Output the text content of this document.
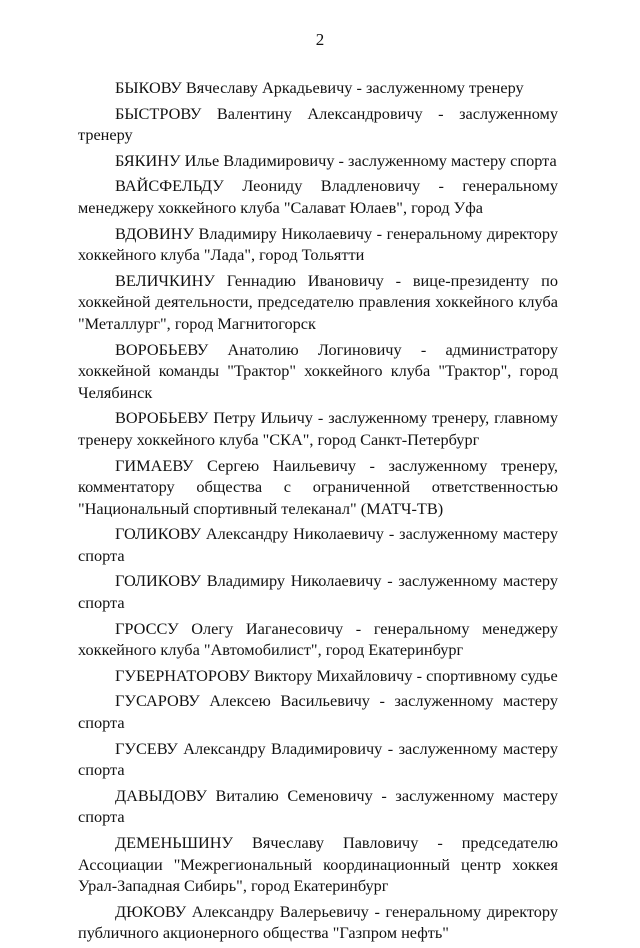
2
БЫКОВУ Вячеславу Аркадьевичу - заслуженному тренеру
БЫСТРОВУ Валентину Александровичу - заслуженному
тренеру
БЯКИНУ Илье Владимировичу - заслуженному мастеру спорта
ВАЙСФЕЛЬДУ Леониду Владленовичу - генеральному
менеджеру хоккейного клуба "Салават Юлаев", город Уфа
ВДОВИНУ Владимиру Николаевичу - генеральному директору
хоккейного клуба "Лада", город Тольятти
ВЕЛИЧКИНУ Геннадию Ивановичу - вице-президенту по
хоккейной деятельности, председателю правления хоккейного клуба
"Металлург", город Магнитогорск
ВОРОБЬЕВУ Анатолию Логиновичу - администратору
хоккейной команды "Трактор" хоккейного клуба "Трактор", город
Челябинск
ВОРОБЬЕВУ Петру Ильичу - заслуженному тренеру, главному
тренеру хоккейного клуба "СКА", город Санкт-Петербург
ГИМАЕВУ Сергею Наильевичу - заслуженному тренеру,
комментатору общества с ограниченной ответственностью
"Национальный спортивный телеканал" (МАТЧ-ТВ)
ГОЛИКОВУ Александру Николаевичу - заслуженному мастеру
спорта
ГОЛИКОВУ Владимиру Николаевичу - заслуженному мастеру
спорта
ГРОССУ Олегу Иаганесовичу - генеральному менеджеру
хоккейного клуба "Автомобилист", город Екатеринбург
ГУБЕРНАТОРОВУ Виктору Михайловичу - спортивному судье
ГУСАРОВУ Алексею Васильевичу - заслуженному мастеру
спорта
ГУСЕВУ Александру Владимировичу - заслуженному мастеру
спорта
ДАВЫДОВУ Виталию Семеновичу - заслуженному мастеру
спорта
ДЕМЕНЬШИНУ Вячеславу Павловичу - председателю
Ассоциации "Межрегиональный координационный центр хоккея
Урал-Западная Сибирь", город Екатеринбург
ДЮКОВУ Александру Валерьевичу - генеральному директору
публичного акционерного общества "Газпром нефть"
